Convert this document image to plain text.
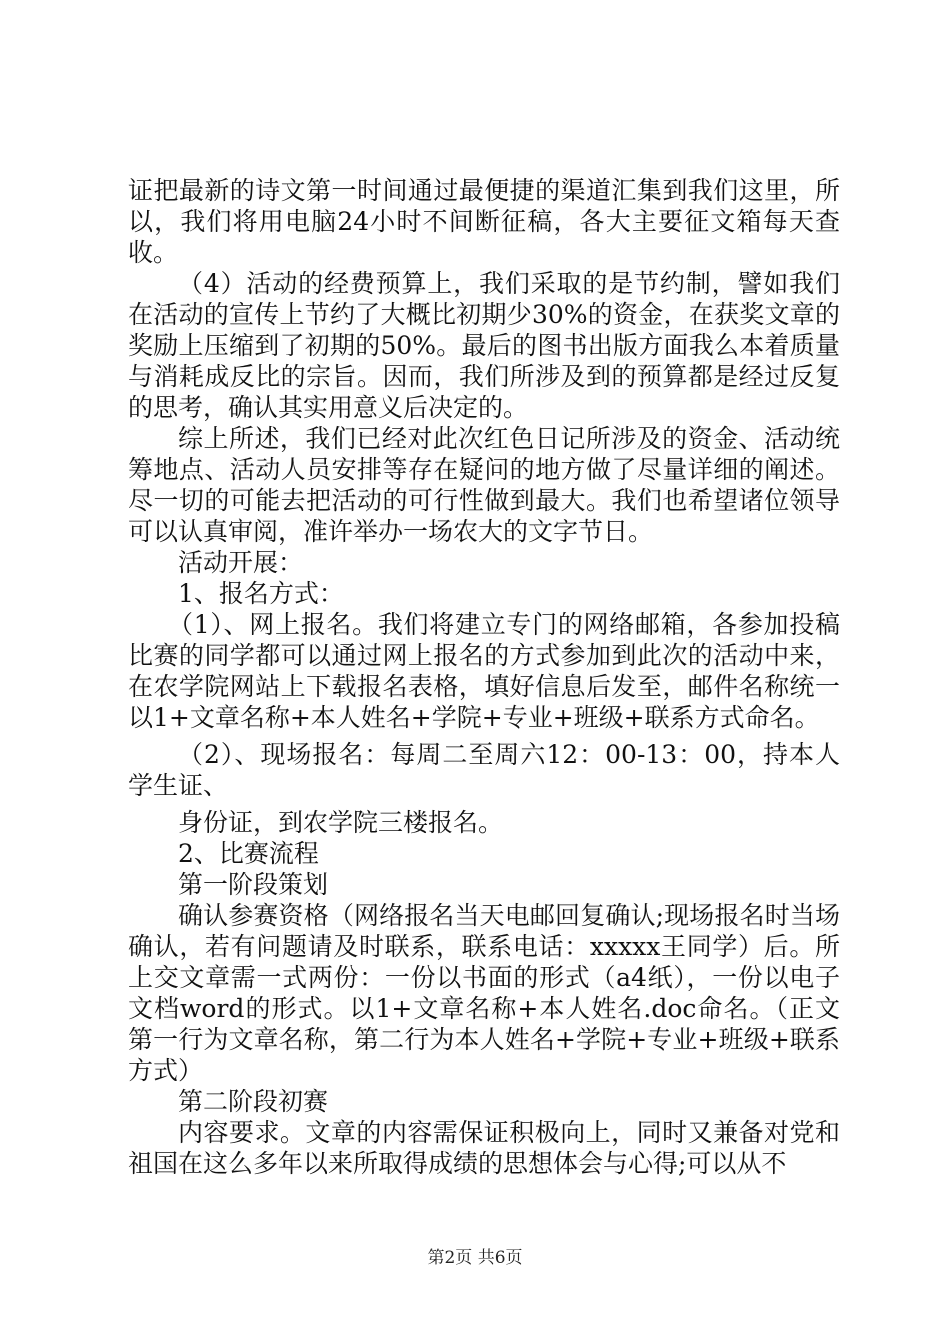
证把最新的诗文第一时间通过最便捷的渠道汇集到我们这里，所以，我们将用电脑24小时不间断征稿，各大主要征文箱每天查收。

（4）活动的经费预算上，我们采取的是节约制，譬如我们在活动的宣传上节约了大概比初期少30%的资金，在获奖文章的奖励上压缩到了初期的50%。最后的图书出版方面我么本着质量与消耗成反比的宗旨。因而，我们所涉及到的预算都是经过反复的思考，确认其实用意义后决定的。

综上所述，我们已经对此次红色日记所涉及的资金、活动统筹地点、活动人员安排等存在疑问的地方做了尽量详细的阐述。尽一切的可能去把活动的可行性做到最大。我们也希望诸位领导可以认真审阅，准许举办一场农大的文字节日。

活动开展：

1、报名方式：

（1）、网上报名。我们将建立专门的网络邮箱，各参加投稿比赛的同学都可以通过网上报名的方式参加到此次的活动中来，在农学院网站上下载报名表格，填好信息后发至，邮件名称统一以1+文章名称+本人姓名+学院+专业+班级+联系方式命名。

（2）、现场报名：每周二至周六12：00-13：00，持本人学生证、

身份证，到农学院三楼报名。

2、比赛流程

第一阶段策划

确认参赛资格（网络报名当天电邮回复确认;现场报名时当场确认，若有问题请及时联系，联系电话：xxxxx王同学）后。所上交文章需一式两份：一份以书面的形式（a4纸），一份以电子文档word的形式。以1+文章名称+本人姓名.doc命名。（正文第一行为文章名称，第二行为本人姓名+学院+专业+班级+联系方式）

第二阶段初赛

内容要求。文章的内容需保证积极向上，同时又兼备对党和祖国在这么多年以来所取得成绩的思想体会与心得;可以从不

第2页 共6页
